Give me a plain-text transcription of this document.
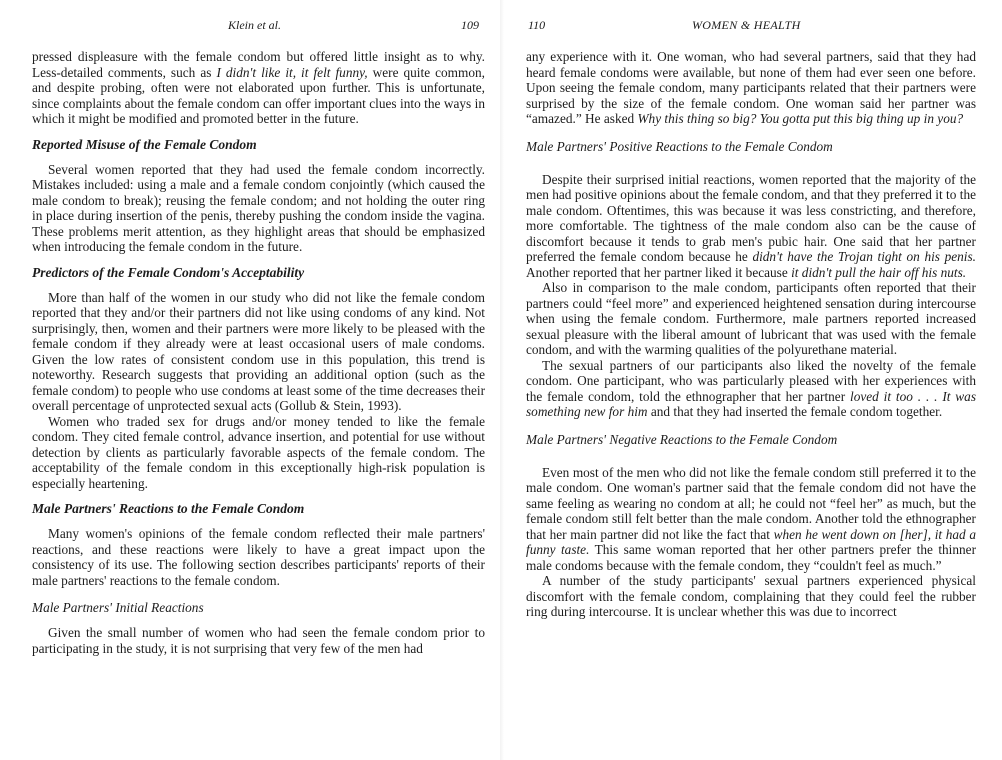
Klein et al.	109

pressed displeasure with the female condom but offered little insight as to why. Less-detailed comments, such as I didn't like it, it felt funny, were quite common, and despite probing, often were not elaborated upon further. This is unfortunate, since complaints about the female condom can offer important clues into the ways in which it might be modified and promoted better in the future.

Reported Misuse of the Female Condom

Several women reported that they had used the female condom incorrectly. Mistakes included: using a male and a female condom conjointly (which caused the male condom to break); reusing the female condom; and not holding the outer ring in place during insertion of the penis, thereby pushing the condom inside the vagina. These problems merit attention, as they highlight areas that should be emphasized when introducing the female condom in the future.

Predictors of the Female Condom's Acceptability

More than half of the women in our study who did not like the female condom reported that they and/or their partners did not like using condoms of any kind. Not surprisingly, then, women and their partners were more likely to be pleased with the female condom if they already were at least occasional users of male condoms. Given the low rates of consistent condom use in this population, this trend is noteworthy. Research suggests that providing an additional option (such as the female condom) to people who use condoms at least some of the time decreases their overall percentage of unprotected sexual acts (Gollub & Stein, 1993).

Women who traded sex for drugs and/or money tended to like the female condom. They cited female control, advance insertion, and potential for use without detection by clients as particularly favorable aspects of the female condom. The acceptability of the female condom in this exceptionally high-risk population is especially heartening.

Male Partners' Reactions to the Female Condom

Many women's opinions of the female condom reflected their male partners' reactions, and these reactions were likely to have a great impact upon the consistency of its use. The following section describes participants' reports of their male partners' reactions to the female condom.

Male Partners' Initial Reactions

Given the small number of women who had seen the female condom prior to participating in the study, it is not surprising that very few of the men had

110	WOMEN & HEALTH

any experience with it. One woman, who had several partners, said that they had heard female condoms were available, but none of them had ever seen one before. Upon seeing the female condom, many participants related that their partners were surprised by the size of the female condom. One woman said her partner was “amazed.” He asked Why this thing so big? You gotta put this big thing up in you?

Male Partners' Positive Reactions to the Female Condom

Despite their surprised initial reactions, women reported that the majority of the men had positive opinions about the female condom, and that they preferred it to the male condom. Oftentimes, this was because it was less constricting, and therefore, more comfortable. The tightness of the male condom also can be the cause of discomfort because it tends to grab men's pubic hair. One said that her partner preferred the female condom because he didn't have the Trojan tight on his penis. Another reported that her partner liked it because it didn't pull the hair off his nuts.

Also in comparison to the male condom, participants often reported that their partners could “feel more” and experienced heightened sensation during intercourse when using the female condom. Furthermore, male partners reported increased sexual pleasure with the liberal amount of lubricant that was used with the female condom, and with the warming qualities of the polyurethane material.

The sexual partners of our participants also liked the novelty of the female condom. One participant, who was particularly pleased with her experiences with the female condom, told the ethnographer that her partner loved it too . . . It was something new for him and that they had inserted the female condom together.

Male Partners' Negative Reactions to the Female Condom

Even most of the men who did not like the female condom still preferred it to the male condom. One woman's partner said that the female condom did not have the same feeling as wearing no condom at all; he could not “feel her” as much, but the female condom still felt better than the male condom. Another told the ethnographer that her main partner did not like the fact that when he went down on [her], it had a funny taste. This same woman reported that her other partners prefer the thinner male condoms because with the female condom, they “couldn't feel as much.”

A number of the study participants' sexual partners experienced physical discomfort with the female condom, complaining that they could feel the rubber ring during intercourse. It is unclear whether this was due to incorrect
